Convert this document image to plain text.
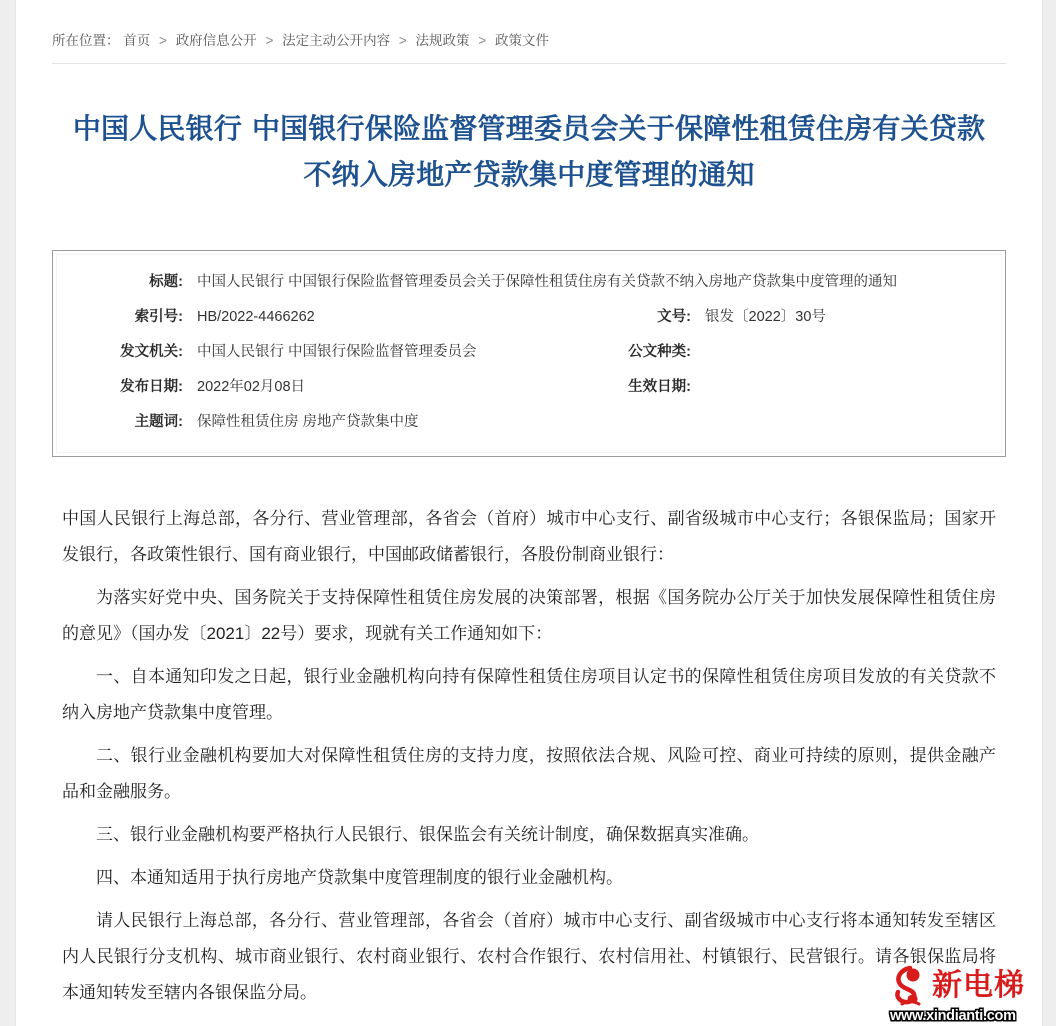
所在位置： 首页 > 政府信息公开 > 法定主动公开内容 > 法规政策 > 政策文件
中国人民银行 中国银行保险监督管理委员会关于保障性租赁住房有关贷款不纳入房地产贷款集中度管理的通知
标题:	中国人民银行 中国银行保险监督管理委员会关于保障性租赁住房有关贷款不纳入房地产贷款集中度管理的通知		
索引号:	HB/2022-4466262	文号:	银发〔2022〕30号
发文机关:	中国人民银行 中国银行保险监督管理委员会	公文种类:	
发布日期:	2022年02月08日	生效日期:	
主题词:	保障性租赁住房 房地产贷款集中度		

中国人民银行上海总部，各分行、营业管理部，各省会（首府）城市中心支行、副省级城市中心支行；各银保监局；国家开发银行，各政策性银行、国有商业银行，中国邮政储蓄银行，各股份制商业银行：

为落实好党中央、国务院关于支持保障性租赁住房发展的决策部署，根据《国务院办公厅关于加快发展保障性租赁住房的意见》（国办发〔2021〕22号）要求，现就有关工作通知如下：

一、自本通知印发之日起，银行业金融机构向持有保障性租赁住房项目认定书的保障性租赁住房项目发放的有关贷款不纳入房地产贷款集中度管理。

二、银行业金融机构要加大对保障性租赁住房的支持力度，按照依法合规、风险可控、商业可持续的原则，提供金融产品和金融服务。

三、银行业金融机构要严格执行人民银行、银保监会有关统计制度，确保数据真实准确。

四、本通知适用于执行房地产贷款集中度管理制度的银行业金融机构。

请人民银行上海总部，各分行、营业管理部，各省会（首府）城市中心支行、副省级城市中心支行将本通知转发至辖区内人民银行分支机构、城市商业银行、农村商业银行、农村合作银行、农村信用社、村镇银行、民营银行。请各银保监局将本通知转发至辖内各银保监分局。	新电梯
www.xindianti.com
